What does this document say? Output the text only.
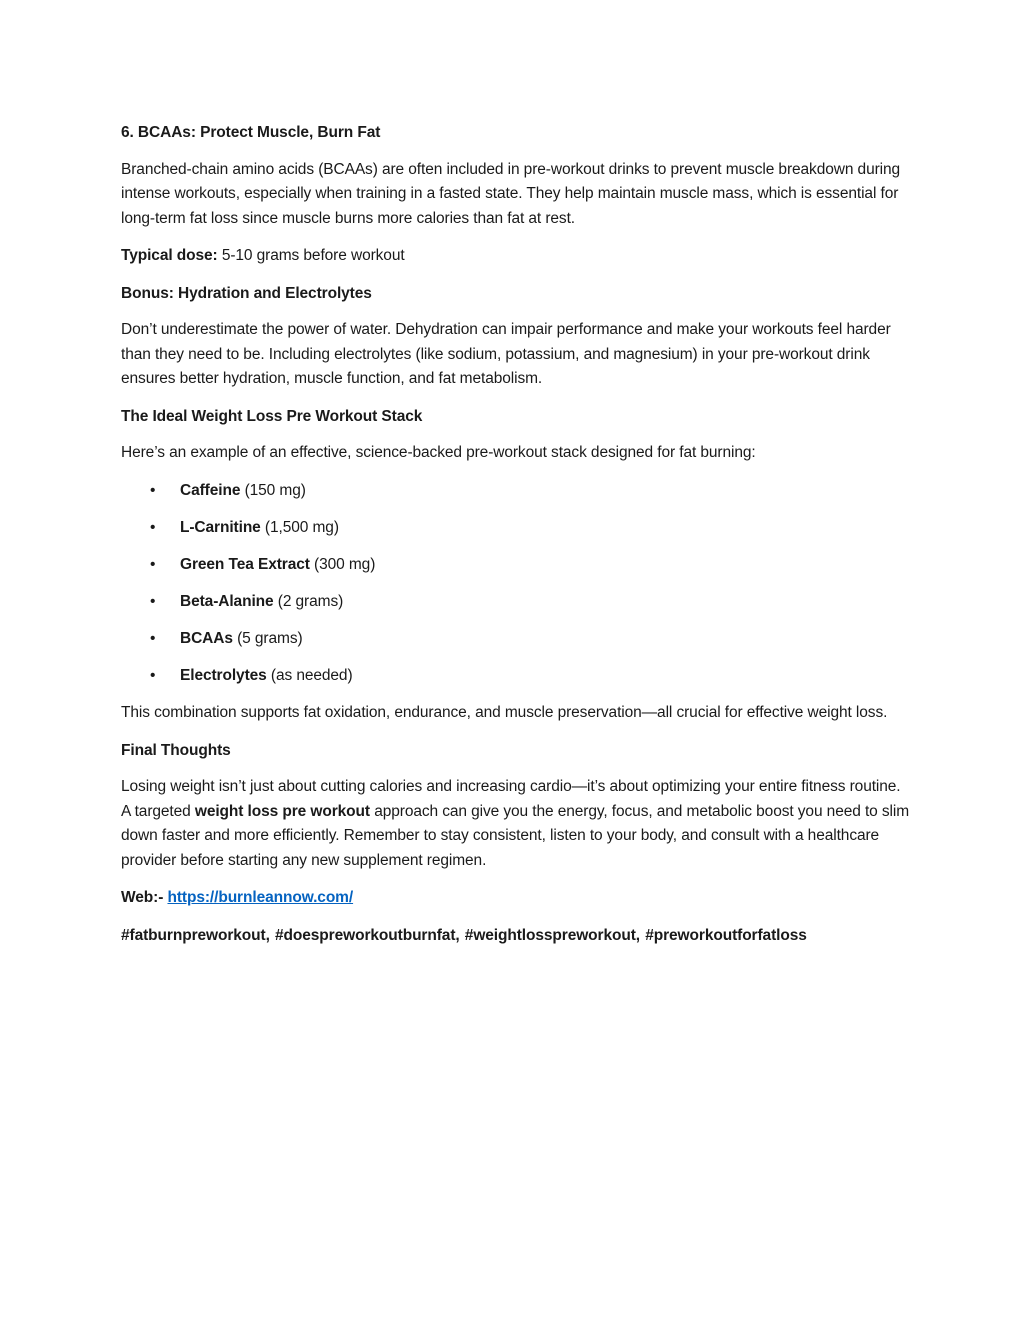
6. BCAAs: Protect Muscle, Burn Fat

Branched-chain amino acids (BCAAs) are often included in pre-workout drinks to prevent muscle breakdown during intense workouts, especially when training in a fasted state. They help maintain muscle mass, which is essential for long-term fat loss since muscle burns more calories than fat at rest.

Typical dose: 5-10 grams before workout

Bonus: Hydration and Electrolytes

Don’t underestimate the power of water. Dehydration can impair performance and make your workouts feel harder than they need to be. Including electrolytes (like sodium, potassium, and magnesium) in your pre-workout drink ensures better hydration, muscle function, and fat metabolism.

The Ideal Weight Loss Pre Workout Stack

Here’s an example of an effective, science-backed pre-workout stack designed for fat burning:

• Caffeine (150 mg)
• L-Carnitine (1,500 mg)
• Green Tea Extract (300 mg)
• Beta-Alanine (2 grams)
• BCAAs (5 grams)
• Electrolytes (as needed)

This combination supports fat oxidation, endurance, and muscle preservation—all crucial for effective weight loss.

Final Thoughts

Losing weight isn’t just about cutting calories and increasing cardio—it’s about optimizing your entire fitness routine. A targeted weight loss pre workout approach can give you the energy, focus, and metabolic boost you need to slim down faster and more efficiently. Remember to stay consistent, listen to your body, and consult with a healthcare provider before starting any new supplement regimen.

Web:- https://burnleannow.com/

#fatburnpreworkout, #doespreworkoutburnfat, #weightlosspreworkout, #preworkoutforfatloss
